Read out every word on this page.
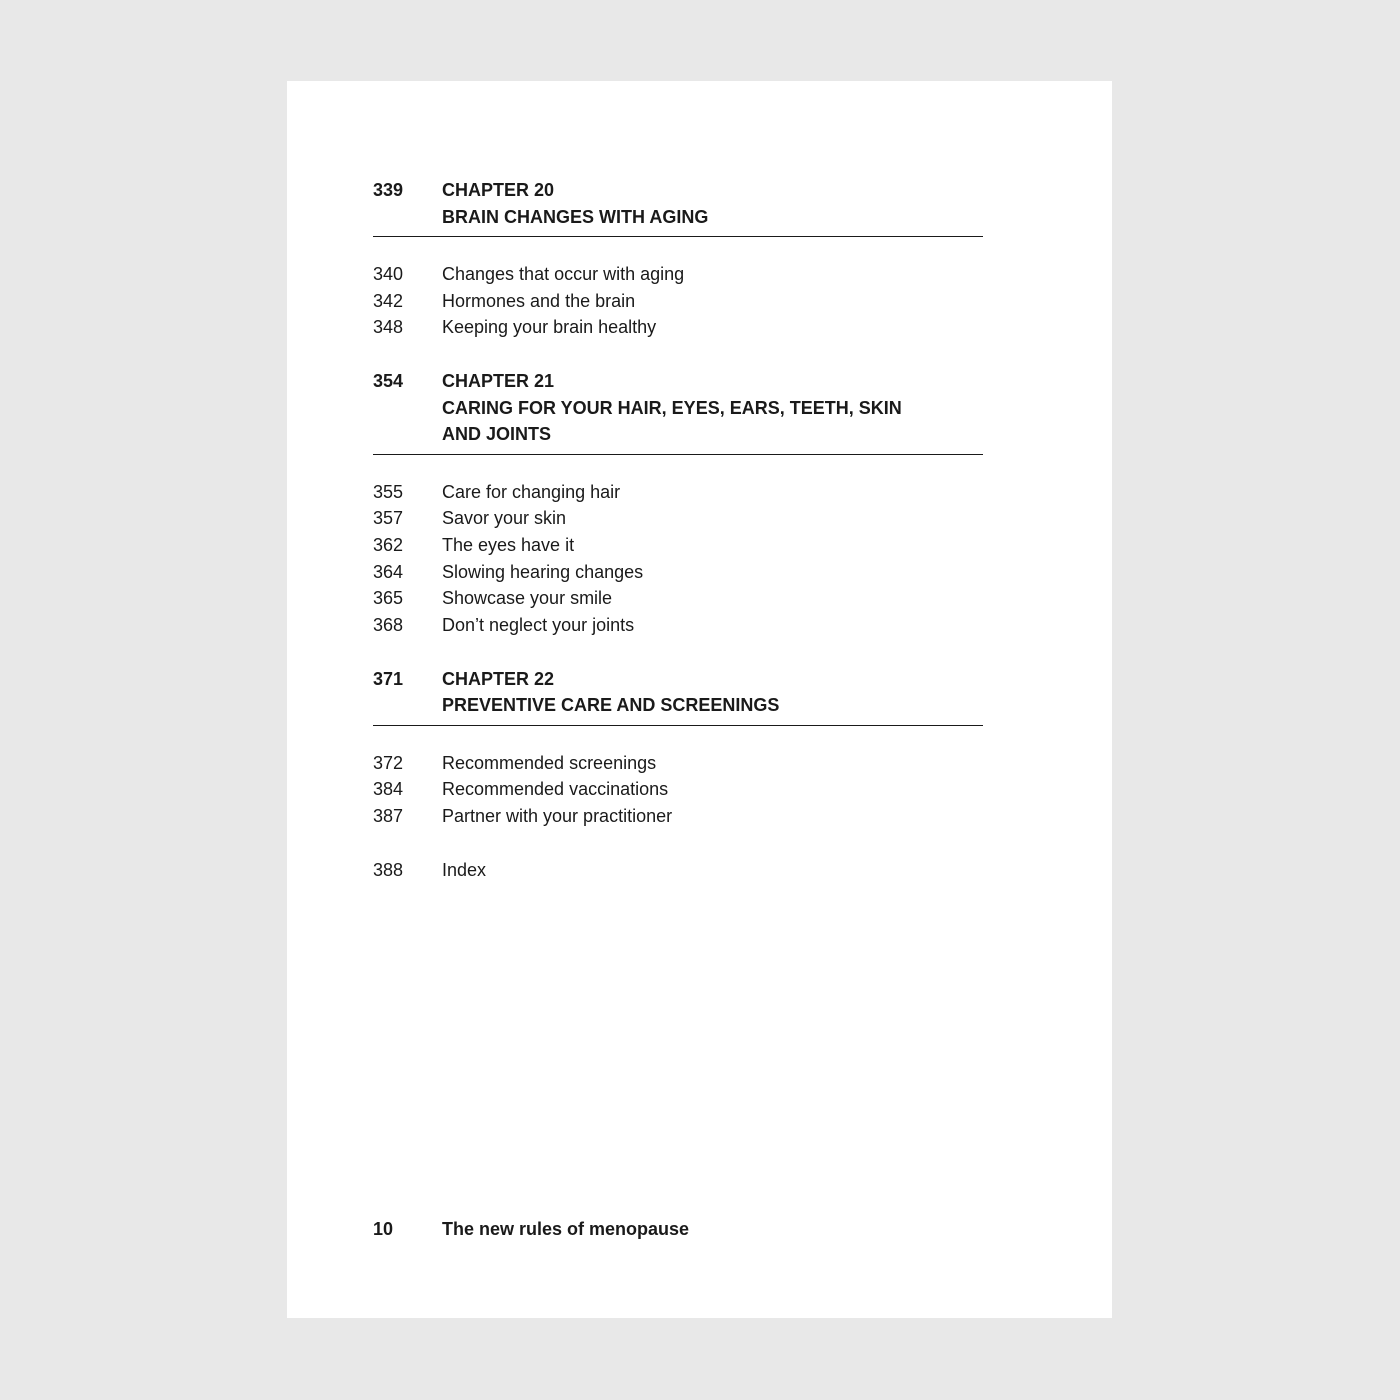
339 CHAPTER 20
BRAIN CHANGES WITH AGING
340 Changes that occur with aging
342 Hormones and the brain
348 Keeping your brain healthy
354 CHAPTER 21
CARING FOR YOUR HAIR, EYES, EARS, TEETH, SKIN
AND JOINTS
355 Care for changing hair
357 Savor your skin
362 The eyes have it
364 Slowing hearing changes
365 Showcase your smile
368 Don’t neglect your joints
371 CHAPTER 22
PREVENTIVE CARE AND SCREENINGS
372 Recommended screenings
384 Recommended vaccinations
387 Partner with your practitioner
388 Index
10	The new rules of menopause
